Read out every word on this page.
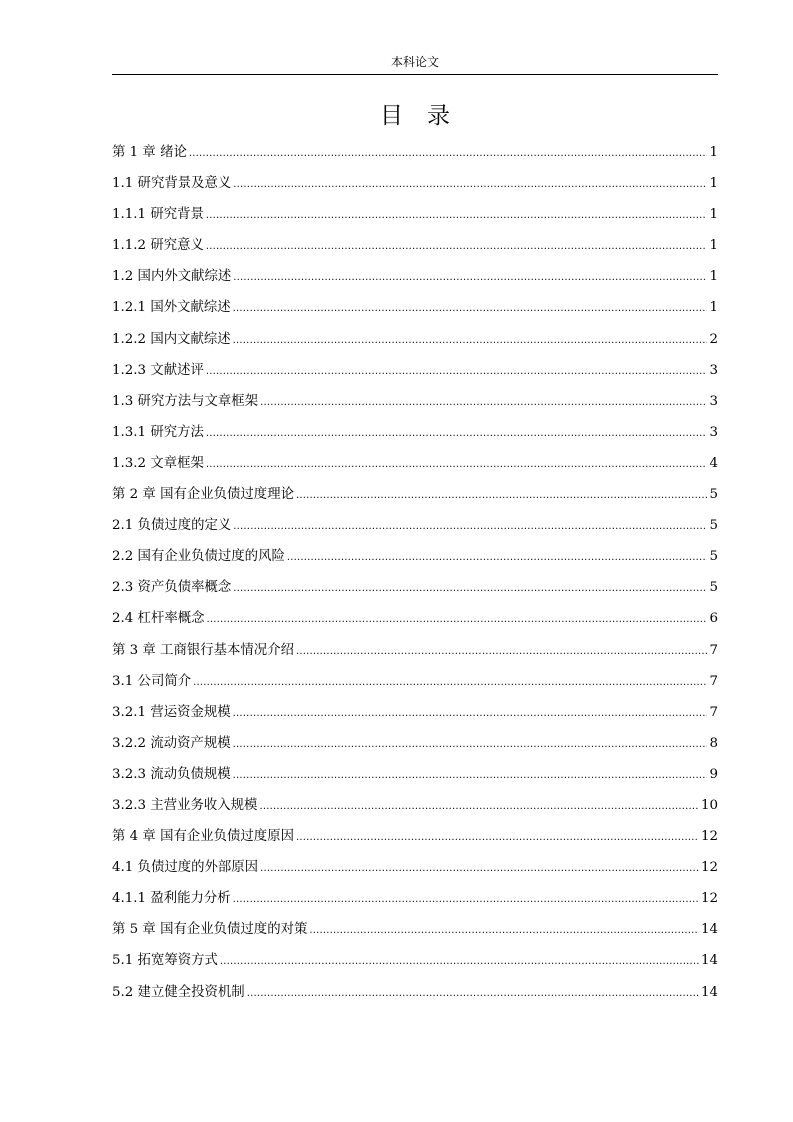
本科论文
目录
第 1 章 绪论 .....	1
1.1 研究背景及意义 .....	1
1.1.1 研究背景 .....	1
1.1.2 研究意义 .....	1
1.2 国内外文献综述 .....	1
1.2.1 国外文献综述 .....	1
1.2.2 国内文献综述 .....	2
1.2.3 文献述评 .....	3
1.3 研究方法与文章框架 .....	3
1.3.1 研究方法 .....	3
1.3.2 文章框架 .....	4
第 2 章 国有企业负债过度理论 .....	5
2.1 负债过度的定义 .....	5
2.2 国有企业负债过度的风险 .....	5
2.3 资产负债率概念 .....	5
2.4 杠杆率概念 .....	6
第 3 章 工商银行基本情况介绍 .....	7
3.1 公司简介 .....	7
3.2.1 营运资金规模 .....	7
3.2.2 流动资产规模 .....	8
3.2.3 流动负债规模 .....	9
3.2.3 主营业务收入规模 .....	10
第 4 章 国有企业负债过度原因 .....	12
4.1 负债过度的外部原因 .....	12
4.1.1 盈利能力分析 .....	12
第 5 章 国有企业负债过度的对策 .....	14
5.1 拓宽筹资方式 .....	14
5.2 建立健全投资机制 .....	14
